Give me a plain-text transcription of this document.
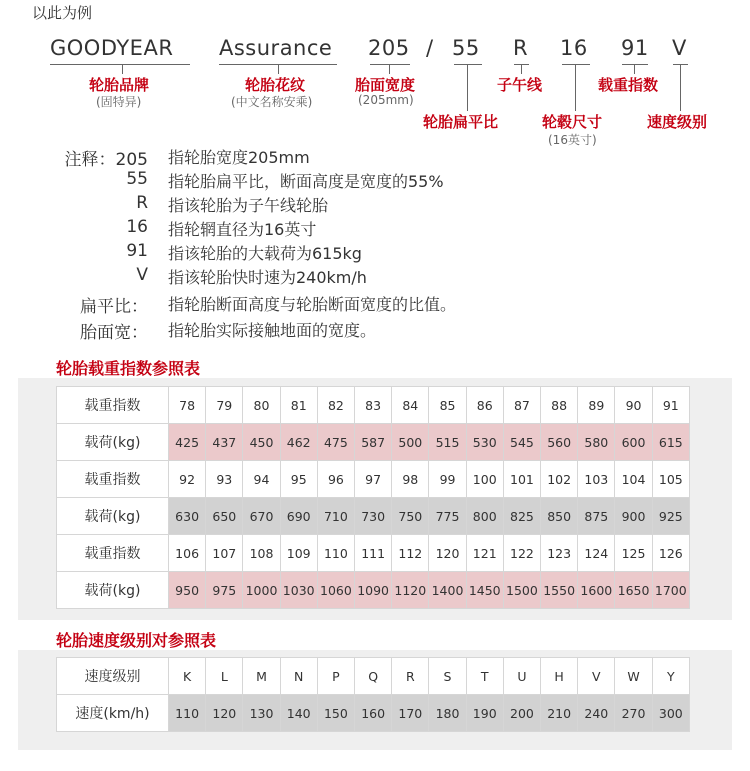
以此为例
GOODYEAR Assurance 205 / 55 R 16 91 V
轮胎品牌
(固特异)
轮胎花纹
(中文名称安乘)
胎面宽度
(205mm)
子午线	载重指数
轮胎扁平比	轮毂尺寸
(16英寸)
速度级别
注释：205 指轮胎宽度205mm
55 指轮胎扁平比，断面高度是宽度的55%
R 指该轮胎为子午线轮胎
16 指轮辋直径为16英寸
91 指该轮胎的大载荷为615kg
V 指该轮胎快时速为240km/h
扁平比： 指轮胎断面高度与轮胎断面宽度的比值。
胎面宽： 指轮胎实际接触地面的宽度。
轮胎载重指数参照表
载重指数	78	79	80	81	82	83	84	85	86	87	88	89	90	91
载荷(kg)	425	437	450	462	475	587	500	515	530	545	560	580	600	615
载重指数	92	93	94	95	96	97	98	99	100	101	102	103	104	105
载荷(kg)	630	650	670	690	710	730	750	775	800	825	850	875	900	925
载重指数	106	107	108	109	110	111	112	120	121	122	123	124	125	126
载荷(kg)	950	975	1000	1030	1060	1090	1120	1400	1450	1500	1550	1600	1650	1700
轮胎速度级别对参照表
速度级别	K	L	M	N	P	Q	R	S	T	U	H	V	W	Y
速度(km/h)	110	120	130	140	150	160	170	180	190	200	210	240	270	300
